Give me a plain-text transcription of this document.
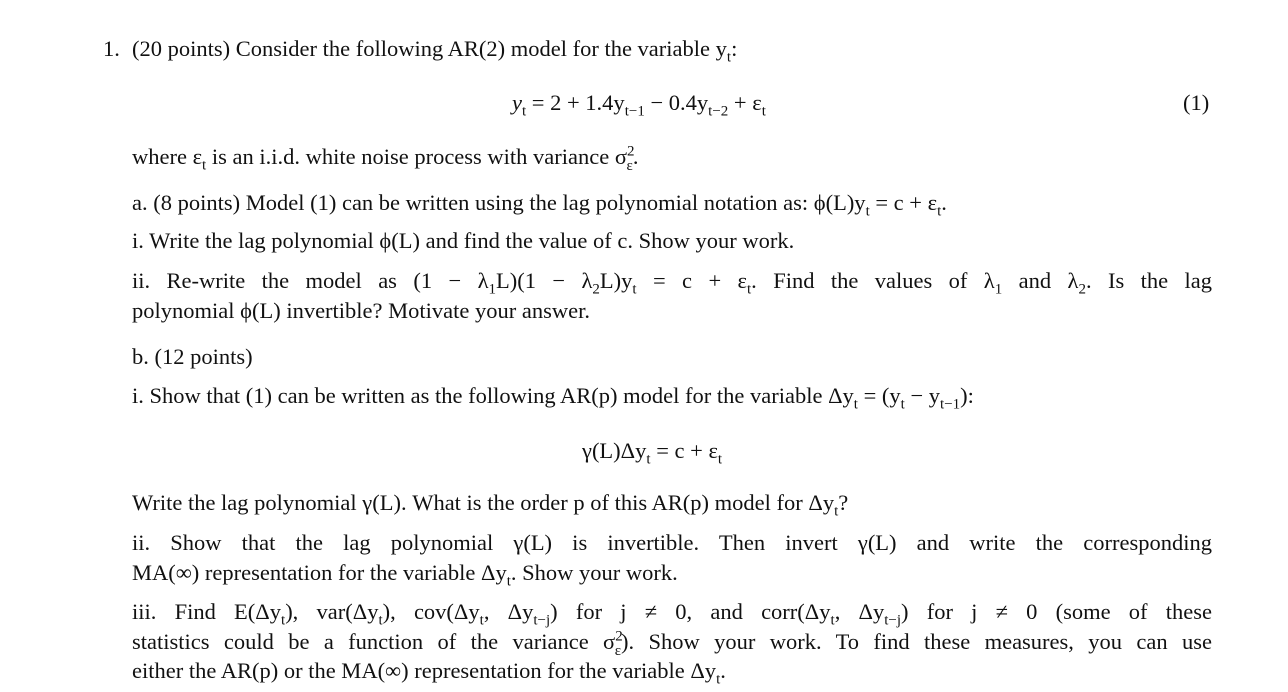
1. (20 points) Consider the following AR(2) model for the variable $y_t$:
$y_t = 2 + 1.4y_{t-1} - 0.4y_{t-2} + \varepsilon_t$	(1)
where $\varepsilon_t$ is an i.i.d. white noise process with variance $\sigma^2_\varepsilon$.
a. (8 points) Model (1) can be written using the lag polynomial notation as: $\phi(L)y_t = c + \varepsilon_t$.
i. Write the lag polynomial ϕ(L) and find the value of c. Show your work.
ii. Re-write the model as $(1 - \lambda_1L)(1 - \lambda_2L)y_t = c + \varepsilon_t$. Find the values of $\lambda_1$ and $\lambda_2$. Is the lag
polynomial ϕ(L) invertible? Motivate your answer.
b. (12 points)
i. Show that (1) can be written as the following AR(p) model for the variable $\Delta y_t = (y_t - y_{t-1})$:
$\gamma(L)\Delta y_t = c + \varepsilon_t$
Write the lag polynomial γ(L). What is the order p of this AR(p) model for $\Delta y_t$?
ii. Show that the lag polynomial γ(L) is invertible. Then invert γ(L) and write the corresponding
MA(∞) representation for the variable $\Delta y_t$. Show your work.
iii. Find $E(\Delta y_t)$, $var(\Delta y_t)$, $cov(\Delta y_t$, $\Delta y_{t-j}$) for j ≠ 0, and $corr(\Delta y_t$, $\Delta y_{t-j}$) for j ≠ 0 (some of these
statistics could be a function of the variance $\sigma^2_\varepsilon$). Show your work. To find these measures, you can use
either the AR(p) or the MA(∞) representation for the variable $\Delta y_t$.
